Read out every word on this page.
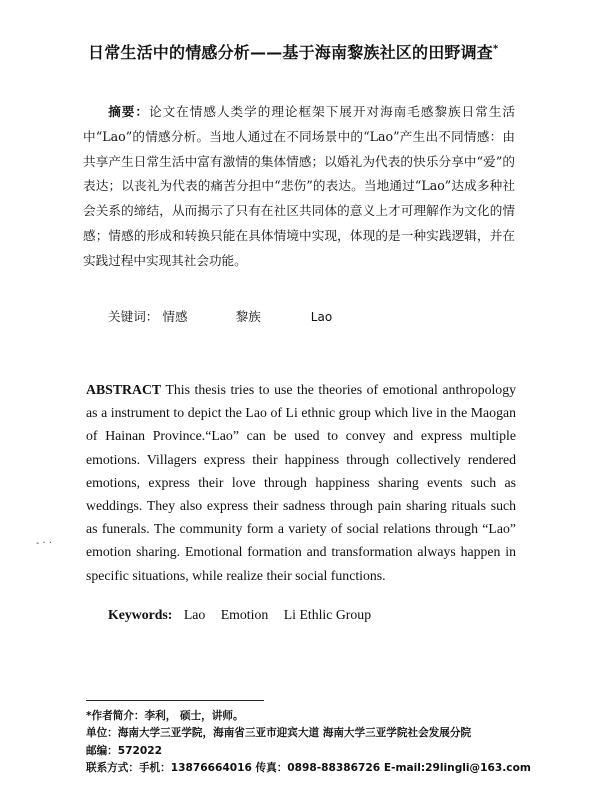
日常生活中的情感分析——基于海南黎族社区的田野调查*
摘要：论文在情感人类学的理论框架下展开对海南毛感黎族日常生活中“Lao”的情感分析。当地人通过在不同场景中的“Lao”产生出不同情感：由共享产生日常生活中富有激情的集体情感；以婚礼为代表的快乐分享中“爱”的表达；以丧礼为代表的痛苦分担中“悲伤”的表达。当地通过“Lao”达成多种社会关系的缔结，从而揭示了只有在社区共同体的意义上才可理解作为文化的情感；情感的形成和转换只能在具体情境中实现，体现的是一种实践逻辑，并在实践过程中实现其社会功能。
关键词： 情感	黎族	Lao
ABSTRACT This thesis tries to use the theories of emotional anthropology as a instrument to depict the Lao of Li ethnic group which live in the Maogan of Hainan Province.“Lao” can be used to convey and express multiple emotions. Villagers express their happiness through collectively rendered emotions, express their love through happiness sharing events such as weddings. They also express their sadness through pain sharing rituals such as funerals. The community form a variety of social relations through “Lao” emotion sharing. Emotional formation and transformation always happen in specific situations, while realize their social functions.
- · ·
Keywords: Lao Emotion Li Ethlic Group
*作者简介：李利， 硕士，讲师。
单位：海南大学三亚学院，海南省三亚市迎宾大道 海南大学三亚学院社会发展分院
邮编：572022
联系方式：手机：13876664016 传真：0898-88386726 E-mail:29lingli@163.com
